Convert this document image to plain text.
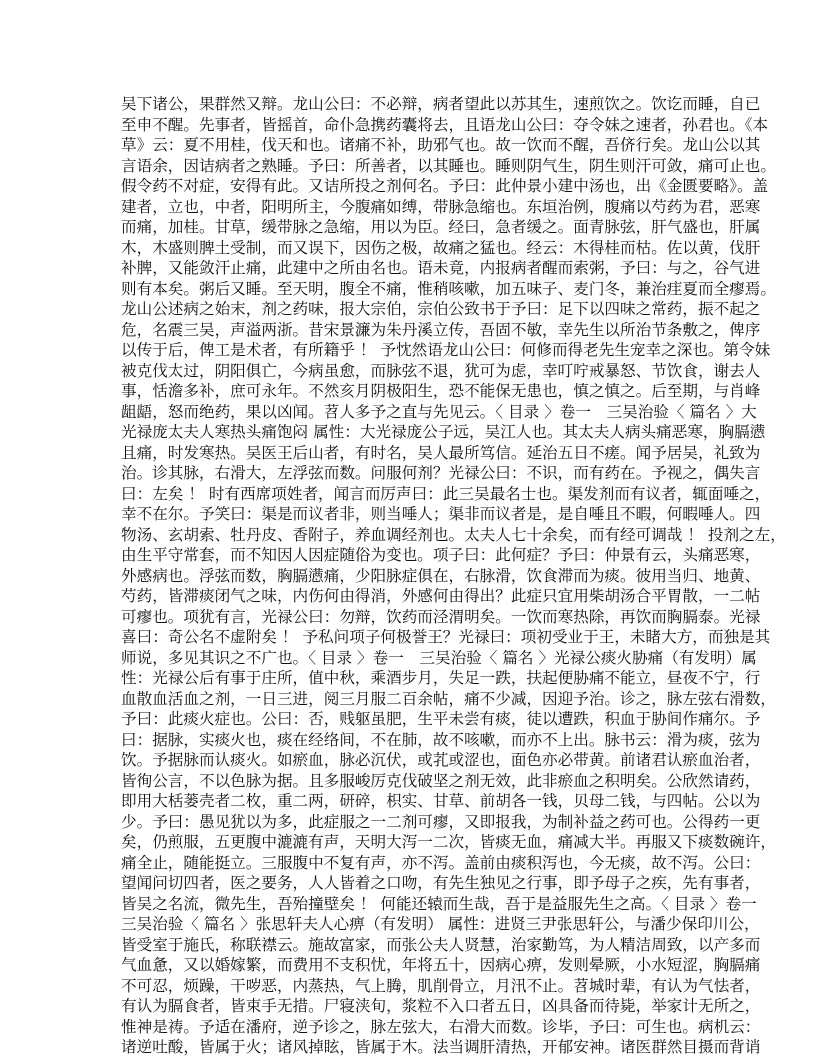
吴下诸公，果群然又辩。龙山公曰：不必辩，病者望此以苏其生，速煎饮之。饮讫而睡，自已
至申不醒。先事者，皆摇首，命仆急携药囊将去，且语龙山公曰：夺令妹之速者，孙君也。《本
草》云：夏不用桂，伐天和也。诸痛不补，助邪气也。故一饮而不醒，吾侪行矣。龙山公以其
言语余，因诘病者之熟睡。予曰：所善者，以其睡也。睡则阴气生，阴生则汗可敛，痛可止也。
假令药不对症，安得有此。又诘所投之剂何名。予曰：此仲景小建中汤也，出《金匮要略》。盖
建者，立也，中者，阳明所主，今腹痛如缚，带脉急缩也。东垣治例，腹痛以芍药为君，恶寒
而痛，加桂。甘草，缓带脉之急缩，用以为臣。经曰，急者缓之。面青脉弦，肝气盛也，肝属
木，木盛则脾土受制，而又误下，因伤之极，故痛之猛也。经云：木得桂而枯。佐以黄，伐肝
补脾，又能敛汗止痛，此建中之所由名也。语未竟，内报病者醒而索粥，予曰：与之，谷气进
则有本矣。粥后又睡。至天明，腹全不痛，惟稍咳嗽，加五味子、麦门冬，兼治疰夏而全瘳焉。
龙山公述病之始末，剂之药味，报大宗伯，宗伯公致书于予曰：足下以四味之常药，振不起之
危，名震三吴，声溢两浙。昔宋景濂为朱丹溪立传，吾固不敏，幸先生以所治节条敷之，俾序
以传于后，俾工是术者，有所籍乎 ！ 予忱然语龙山公曰：何修而得老先生宠幸之深也。第令妹
被克伐太过，阴阳俱亡，今病虽愈，而脉弦不退，犹可为虑，幸叮咛戒暴怒、节饮食，谢去人
事，恬澹多补，庶可永年。不然亥月阴极阳生，恐不能保无患也，慎之慎之。后至期，与肖峰
龃龉，怒而绝药，果以凶闻。苕人多予之直与先见云。〈 目录 〉卷一　三吴治验〈 篇名 〉大
光禄庞太夫人寒热头痛饱闷 属性：大光禄庞公子远，吴江人也。其太夫人病头痛恶寒，胸膈懑
且痛，时发寒热。吴医王后山者，有时名，吴人最所笃信。延治五日不瘥。闻予居吴，礼致为
治。诊其脉，右滑大，左浮弦而数。问服何剂？光禄公曰：不识，而有药在。予视之，偶失言
曰：左矣 ！ 时有西席项姓者，闻言而厉声曰：此三吴最名士也。渠发剂而有议者，辄面唾之，
幸不在尔。予笑曰：渠是而议者非，则当唾人；渠非而议者是，是自唾且不暇，何暇唾人。四
物汤、玄胡索、牡丹皮、香附子，养血调经剂也。太夫人七十余矣，而有经可调哉 ！ 投剂之左，
由生平守常套，而不知因人因症随俗为变也。项子曰：此何症？予曰：仲景有云，头痛恶寒，
外感病也。浮弦而数，胸膈懑痛，少阳脉症俱在，右脉滑，饮食滞而为痰。彼用当归、地黄、
芍药，皆滞痰闭气之味，内伤何由得消，外感何由得出？此症只宜用柴胡汤合平胃散，一二帖
可瘳也。项犹有言，光禄公曰：勿辩，饮药而泾渭明矣。一饮而寒热除，再饮而胸膈泰。光禄
喜曰：奇公名不虚附矣 ！ 予私问项子何极誉王？光禄曰：项初受业于王，未睹大方，而独是其
师说，多见其识之不广也。〈 目录 〉卷一　三吴治验〈 篇名 〉光禄公痰火胁痛（有发明）属
性：光禄公后有事于庄所，值中秋，乘酒步月，失足一跌，扶起便胁痛不能立，昼夜不宁，行
血散血活血之剂，一日三进，阅三月服二百余帖，痛不少减，因迎予治。诊之，脉左弦右滑数，
予曰：此痰火症也。公曰：否，贱躯虽肥，生平未尝有痰，徒以遭跌，积血于胁间作痛尔。予
曰：据脉，实痰火也，痰在经络间，不在肺，故不咳嗽，而亦不上出。脉书云：滑为痰，弦为
饮。予据脉而认痰火。如瘀血，脉必沉伏，或芤或涩也，面色亦必带黄。前诸君认瘀血治者，
皆徇公言，不以色脉为据。且多服峻厉克伐破坚之剂无效，此非瘀血之积明矣。公欣然请药，
即用大栝蒌壳者二枚，重二两，研碎，枳实、甘草、前胡各一钱，贝母二钱，与四帖。公以为
少。予曰：愚见犹以为多，此症服之一二剂可瘳，又即报我，为制补益之药可也。公得药一更
矣，仍煎服，五更腹中漉漉有声，天明大泻一二次，皆痰无血，痛减大半。再服又下痰数碗许，
痛全止，随能挺立。三服腹中不复有声，亦不泻。盖前由痰积泻也，今无痰，故不泻。公曰：
望闻问切四者，医之要务，人人皆着之口吻，有先生独见之行事，即予母子之疾，先有事者，
皆吴之名流，微先生，吾殆撞壁矣 ！ 何能还辕而生哉，吾于是益服先生之高。〈 目录 〉卷一
三吴治验〈 篇名 〉张思轩夫人心痹（有发明） 属性：进贤三尹张思轩公，与潘少保印川公，
皆受室于施氏，称联襟云。施故富家，而张公夫人贤慧，治家勤笃，为人精洁周致，以产多而
气血惫，又以婚嫁繁，而费用不支积忧，年将五十，因病心痹，发则晕厥，小水短涩，胸膈痛
不可忍，烦躁，干哕恶，内蒸热，气上腾，肌削骨立，月汛不止。苕城时辈，有认为气怯者，
有认为膈食者，皆束手无措。尸寝浃旬，浆粒不入口者五日，凶具备而待毙，举家计无所之，
惟神是祷。予适在潘府，逆予诊之，脉左弦大，右滑大而数。诊毕，予曰：可生也。病机云：
诸逆吐酸，皆属于火；诸风掉眩，皆属于木。法当调肝清热，开郁安神。诸医群然目摄而背诮
